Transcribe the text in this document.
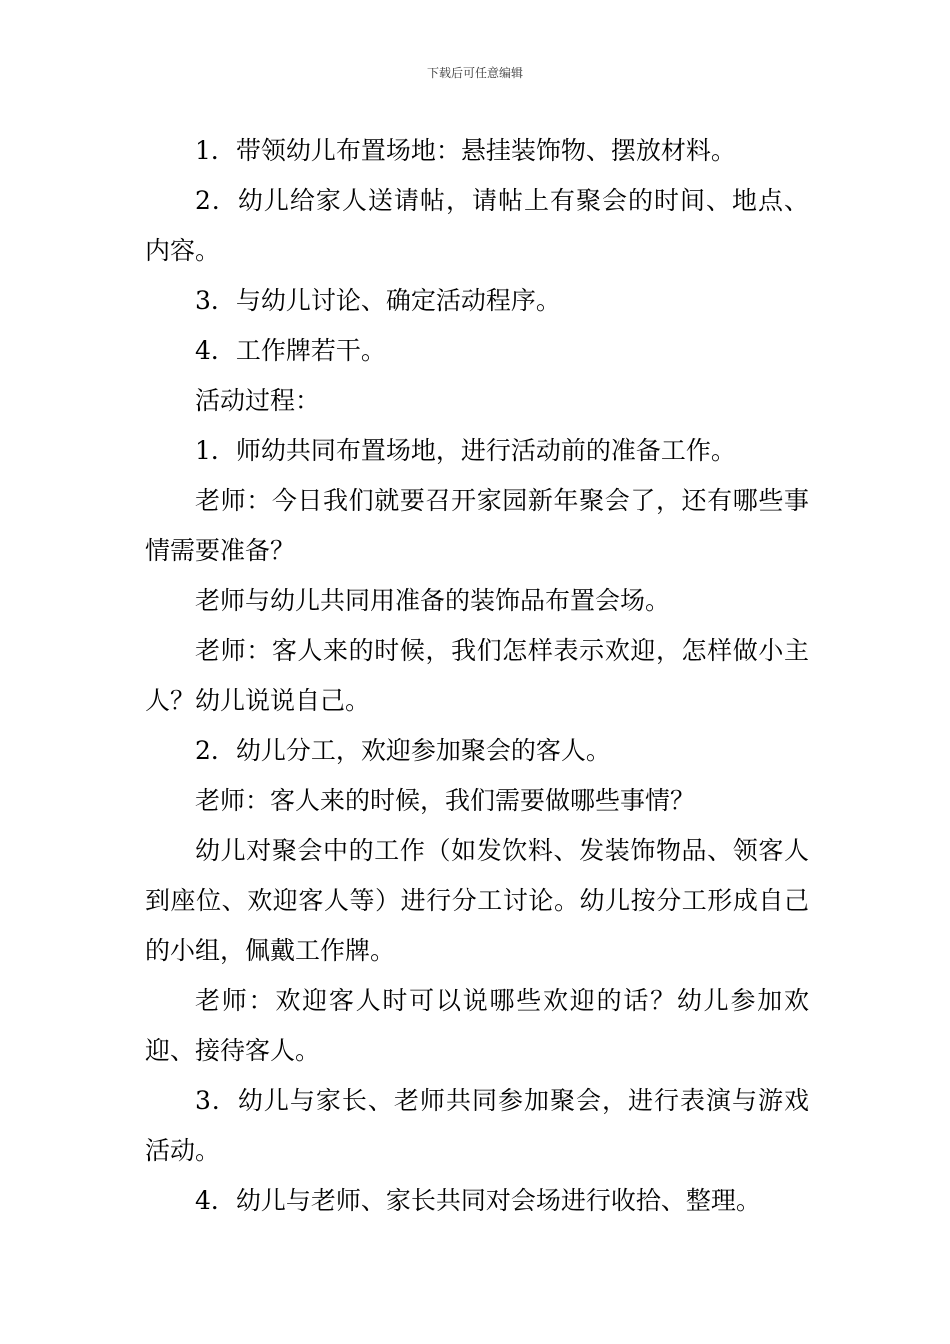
下载后可任意编辑

1．带领幼儿布置场地：悬挂装饰物、摆放材料。

2．幼儿给家人送请帖，请帖上有聚会的时间、地点、内容。

3．与幼儿讨论、确定活动程序。

4．工作牌若干。

活动过程：

1．师幼共同布置场地，进行活动前的准备工作。

老师：今日我们就要召开家园新年聚会了，还有哪些事情需要准备？

老师与幼儿共同用准备的装饰品布置会场。

老师：客人来的时候，我们怎样表示欢迎，怎样做小主人？幼儿说说自己。

2．幼儿分工，欢迎参加聚会的客人。

老师：客人来的时候，我们需要做哪些事情？

幼儿对聚会中的工作（如发饮料、发装饰物品、领客人到座位、欢迎客人等）进行分工讨论。幼儿按分工形成自己的小组，佩戴工作牌。

老师：欢迎客人时可以说哪些欢迎的话？幼儿参加欢迎、接待客人。

3．幼儿与家长、老师共同参加聚会，进行表演与游戏活动。

4．幼儿与老师、家长共同对会场进行收拾、整理。
